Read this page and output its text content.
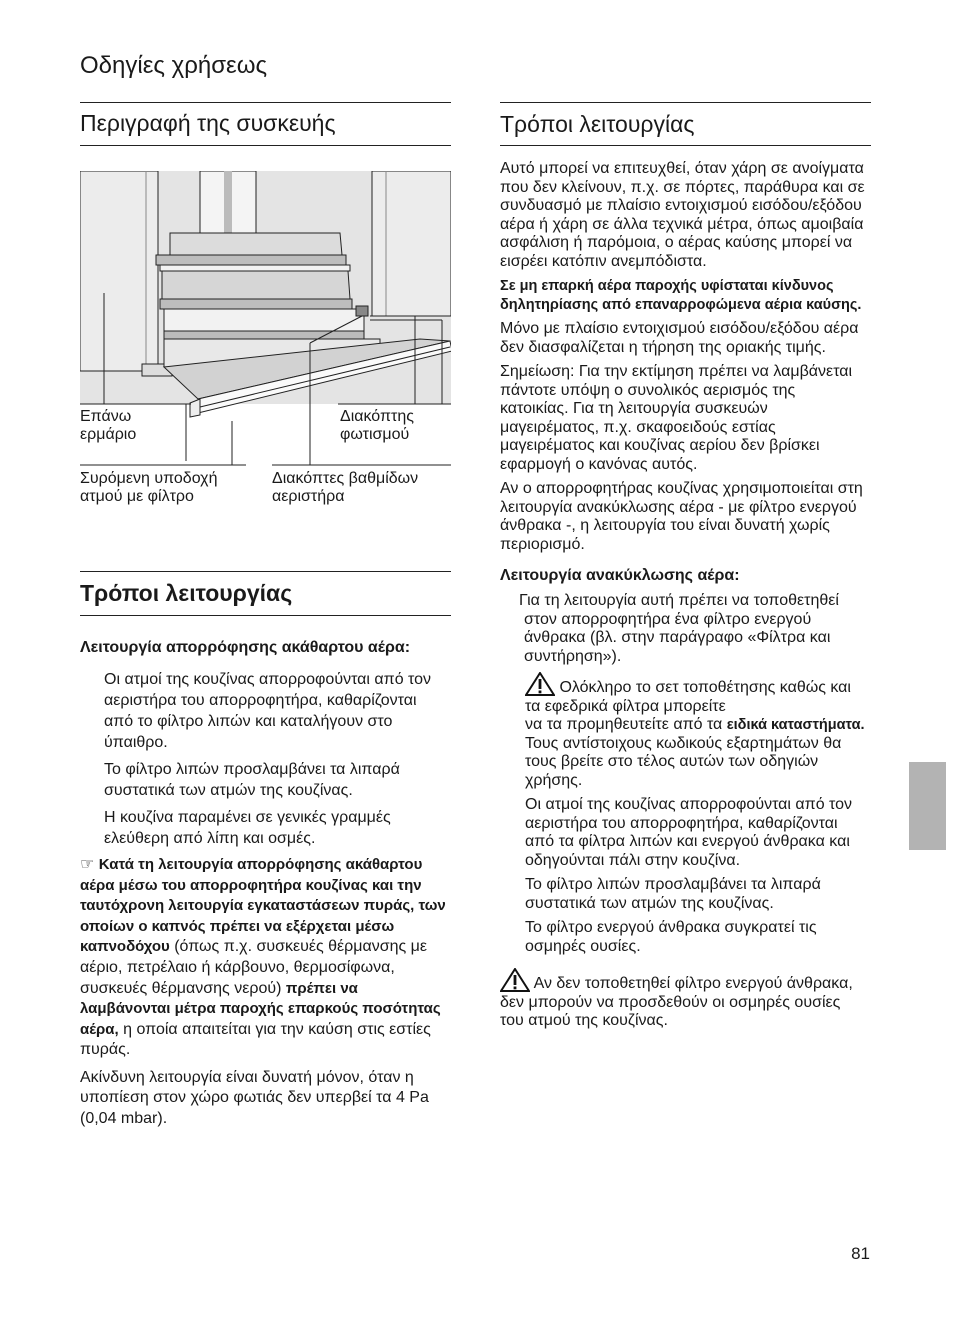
Οδηγίες χρήσεως
Περιγραφή της συσκευής
Επάνω
ερμάριο
Διακόπτης
φωτισμού
Συρόμενη υποδοχή
ατμού με φίλτρο
Διακόπτες βαθμίδων
αεριστήρα
Τρόποι λειτουργίας

Λειτουργία απορρόφησης ακάθαρτου αέρα:

Οι ατμοί της κουζίνας απορροφούνται από τον αεριστήρα του απορροφητήρα, καθαρίζονται από το φίλτρο λιπών και καταλήγουν στο ύπαιθρο.

Το φίλτρο λιπών προσλαμβάνει τα λιπαρά συστατικά των ατμών της κουζίνας.

Η κουζίνα παραμένει σε γενικές γραμμές ελεύθερη από λίπη και οσμές.

☞ Κατά τη λειτουργία απορρόφησης ακάθαρτου αέρα μέσω του απορροφητήρα κουζίνας και την ταυτόχρονη λειτουργία εγκαταστάσεων πυράς, των οποίων ο καπνός πρέπει να εξέρχεται μέσω καπνοδόχου (όπως π.χ. συσκευές θέρμανσης με αέριο, πετρέλαιο ή κάρβουνο, θερμοσίφωνα, συσκευές θέρμανσης νερού) πρέπει να λαμβάνονται μέτρα παροχής επαρκούς ποσότητας αέρα, η οποία απαιτείται για την καύση στις εστίες πυράς.

Ακίνδυνη λειτουργία είναι δυνατή μόνον, όταν η υποπίεση στον χώρο φωτιάς δεν υπερβεί τα 4 Pa (0,04 mbar).

Τρόποι λειτουργίας

Αυτό μπορεί να επιτευχθεί, όταν χάρη σε ανοίγματα που δεν κλείνουν, π.χ. σε πόρτες, παράθυρα και σε συνδυασμό με πλαίσιο εντοιχισμού εισόδου/εξόδου αέρα ή χάρη σε άλλα τεχνικά μέτρα, όπως αμοιβαία ασφάλιση ή παρόμοια, ο αέρας καύσης μπορεί να εισρέει κατόπιν ανεμπόδιστα.

Σε μη επαρκή αέρα παροχής υφίσταται κίνδυνος δηλητηρίασης από επαναρροφώμενα αέρια καύσης.

Μόνο με πλαίσιο εντοιχισμού εισόδου/εξόδου αέρα δεν διασφαλίζεται η τήρηση της οριακής τιμής.

Σημείωση: Για την εκτίμηση πρέπει να λαμβάνεται πάντοτε υπόψη ο συνολικός αερισμός της κατοικίας. Για τη λειτουργία συσκευών μαγειρέματος, π.χ. σκαφοειδούς εστίας μαγειρέματος και κουζίνας αερίου δεν βρίσκει εφαρμογή ο κανόνας αυτός.

Αν ο απορροφητήρας κουζίνας χρησιμοποιείται στη λειτουργία ανακύκλωσης αέρα - με φίλτρο ενεργού άνθρακα -, η λειτουργία του είναι δυνατή χωρίς περιορισμό.

Λειτουργία ανακύκλωσης αέρα:

Για τη λειτουργία αυτή πρέπει να τοποθετηθεί στον απορροφητήρα ένα φίλτρο ενεργού άνθρακα (βλ. στην παράγραφο «Φίλτρα και συντήρηση»).

Ολόκληρο το σετ τοποθέτησης καθώς και τα εφεδρικά φίλτρα μπορείτε

να τα προμηθευτείτε από τα ειδικά καταστήματα.

Τους αντίστοιχους κωδικούς εξαρτημάτων θα τους βρείτε στο τέλος αυτών των οδηγιών χρήσης.

Οι ατμοί της κουζίνας απορροφούνται από τον αεριστήρα του απορροφητήρα, καθαρίζονται από τα φίλτρα λιπών και ενεργού άνθρακα και οδηγούνται πάλι στην κουζίνα.

Το φίλτρο λιπών προσλαμβάνει τα λιπαρά συστατικά των ατμών της κουζίνας.

Το φίλτρο ενεργού άνθρακα συγκρατεί τις οσμηρές ουσίες.

Αν δεν τοποθετηθεί φίλτρο ενεργού άνθρακα, δεν μπορούν να προσδεθούν οι οσμηρές ουσίες του ατμού της κουζίνας.

81
